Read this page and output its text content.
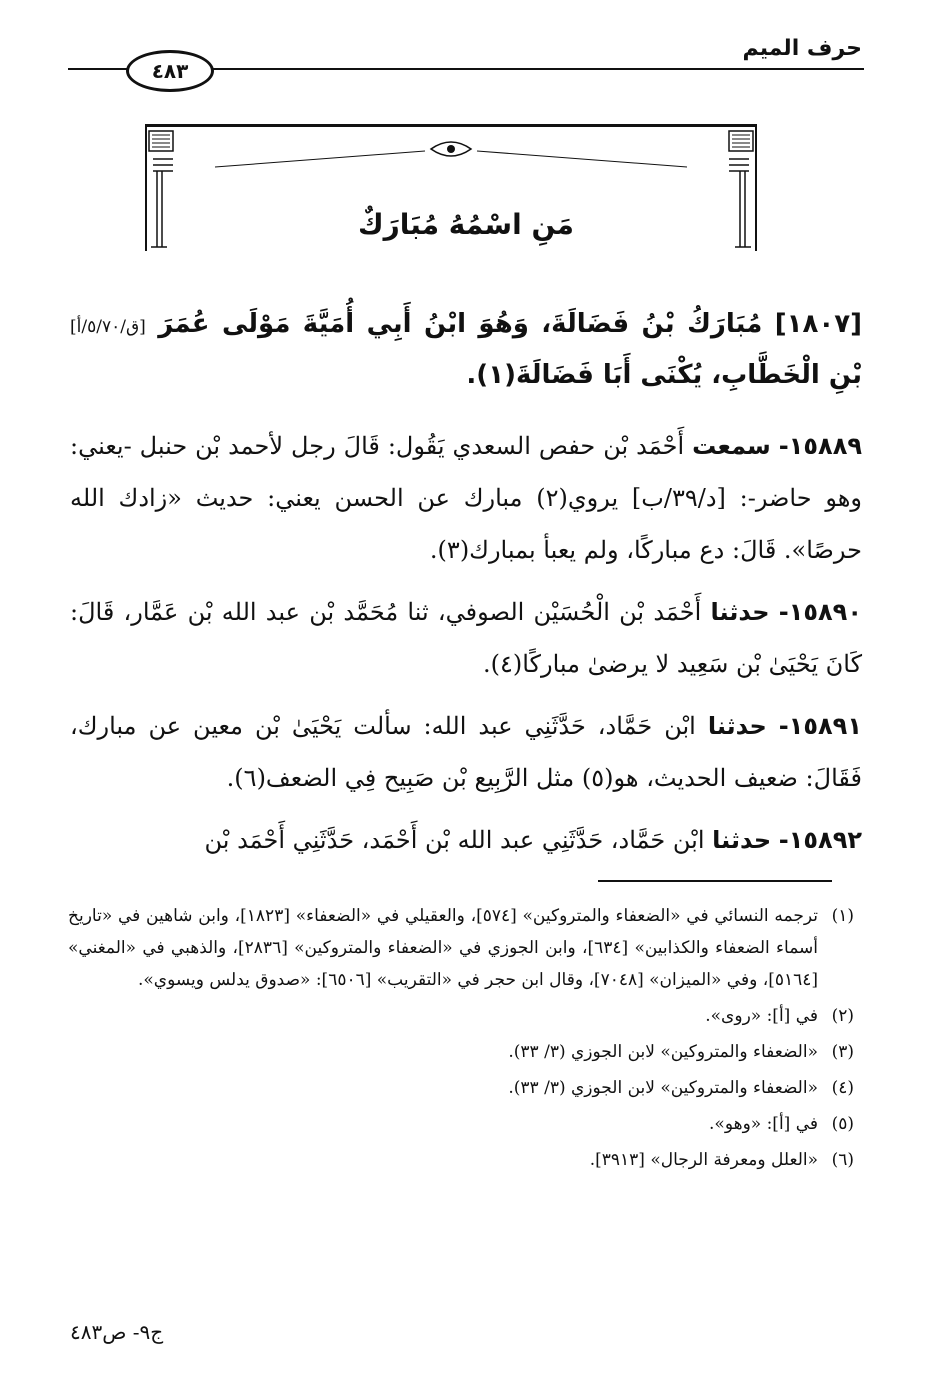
حرف الميم
٤٨٣
مَنِ اسْمُهُ مُبَارَكٌ
[١٨٠٧] مُبَارَكُ بْنُ فَضَالَةَ، وَهُوَ ابْنُ أَبِي أُمَيَّةَ مَوْلَى عُمَرَ [ق/٥/٧٠/أ] بْنِ الْخَطَّابِ، يُكْنَى أَبَا فَضَالَةَ(١).
١٥٨٨٩- سمعت أَحْمَد بْن حفص السعدي يَقُول: قَالَ رجل لأحمد بْن حنبل -يعني: وهو حاضر-: [د/٣٩/ب] يروي(٢) مبارك عن الحسن يعني: حديث «زادك الله حرصًا». قَالَ: دع مباركًا، ولم يعبأ بمبارك(٣).
١٥٨٩٠- حدثنا أَحْمَد بْن الْحُسَيْن الصوفي، ثنا مُحَمَّد بْن عبد الله بْن عَمَّار، قَالَ: كَانَ يَحْيَىٰ بْن سَعِيد لا يرضىٰ مباركًا(٤).
١٥٨٩١- حدثنا ابْن حَمَّاد، حَدَّثَنِي عبد الله: سألت يَحْيَىٰ بْن معين عن مبارك، فَقَالَ: ضعيف الحديث، هو(٥) مثل الرَّبِيع بْن صَبِيح فِي الضعف(٦).
١٥٨٩٢- حدثنا ابْن حَمَّاد، حَدَّثَنِي عبد الله بْن أَحْمَد، حَدَّثَنِي أَحْمَد بْن
(١)
ترجمه النسائي في «الضعفاء والمتروكين» [٥٧٤]، والعقيلي في «الضعفاء» [١٨٢٣]، وابن شاهين في «تاريخ أسماء الضعفاء والكذابين» [٦٣٤]، وابن الجوزي في «الضعفاء والمتروكين» [٢٨٣٦]، والذهبي في «المغني» [٥١٦٤]، وفي «الميزان» [٧٠٤٨]، وقال ابن حجر في «التقريب» [٦٥٠٦]: «صدوق يدلس ويسوي».
(٢)
في [أ]: «روى».
(٣)
«الضعفاء والمتروكين» لابن الجوزي (٣/ ٣٣).
(٤)
«الضعفاء والمتروكين» لابن الجوزي (٣/ ٣٣).
(٥)
في [أ]: «وهو».
(٦)
«العلل ومعرفة الرجال» [٣٩١٣].
ج٩- ص٤٨٣
